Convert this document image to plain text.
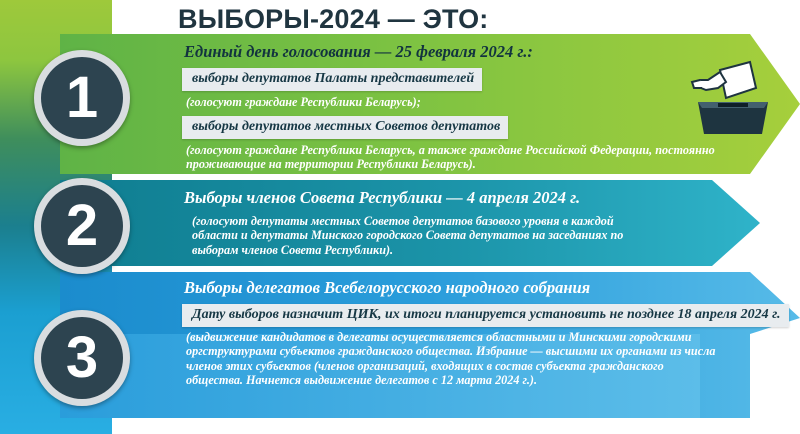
ВЫБОРЫ-2024 — ЭТО:
1
2
3
Единый день голосования — 25 февраля 2024 г.:
выборы депутатов Палаты представителей
(голосуют граждане Республики Беларусь);
выборы депутатов местных Советов депутатов
(голосуют граждане Республики Беларусь, а также граждане Российской Федерации, постоянно проживающие на территории Республики Беларусь).
Выборы членов Совета Республики — 4 апреля 2024 г.
(голосуют депутаты местных Советов депутатов базового уровня в каждой области и депутаты Минского городского Совета депутатов на заседаниях по выборам членов Совета Республики).
Выборы делегатов Всебелорусского народного собрания
Дату выборов назначит ЦИК, их итоги планируется установить не позднее 18 апреля 2024 г.
(выдвижение кандидатов в делегаты осуществляется областными и Минскими городскими оргструктурами субъектов гражданского общества. Избрание — высшими их органами из числа членов этих субъектов (членов организаций, входящих в состав субъекта гражданского общества. Начнется выдвижение делегатов с 12 марта 2024 г.).
